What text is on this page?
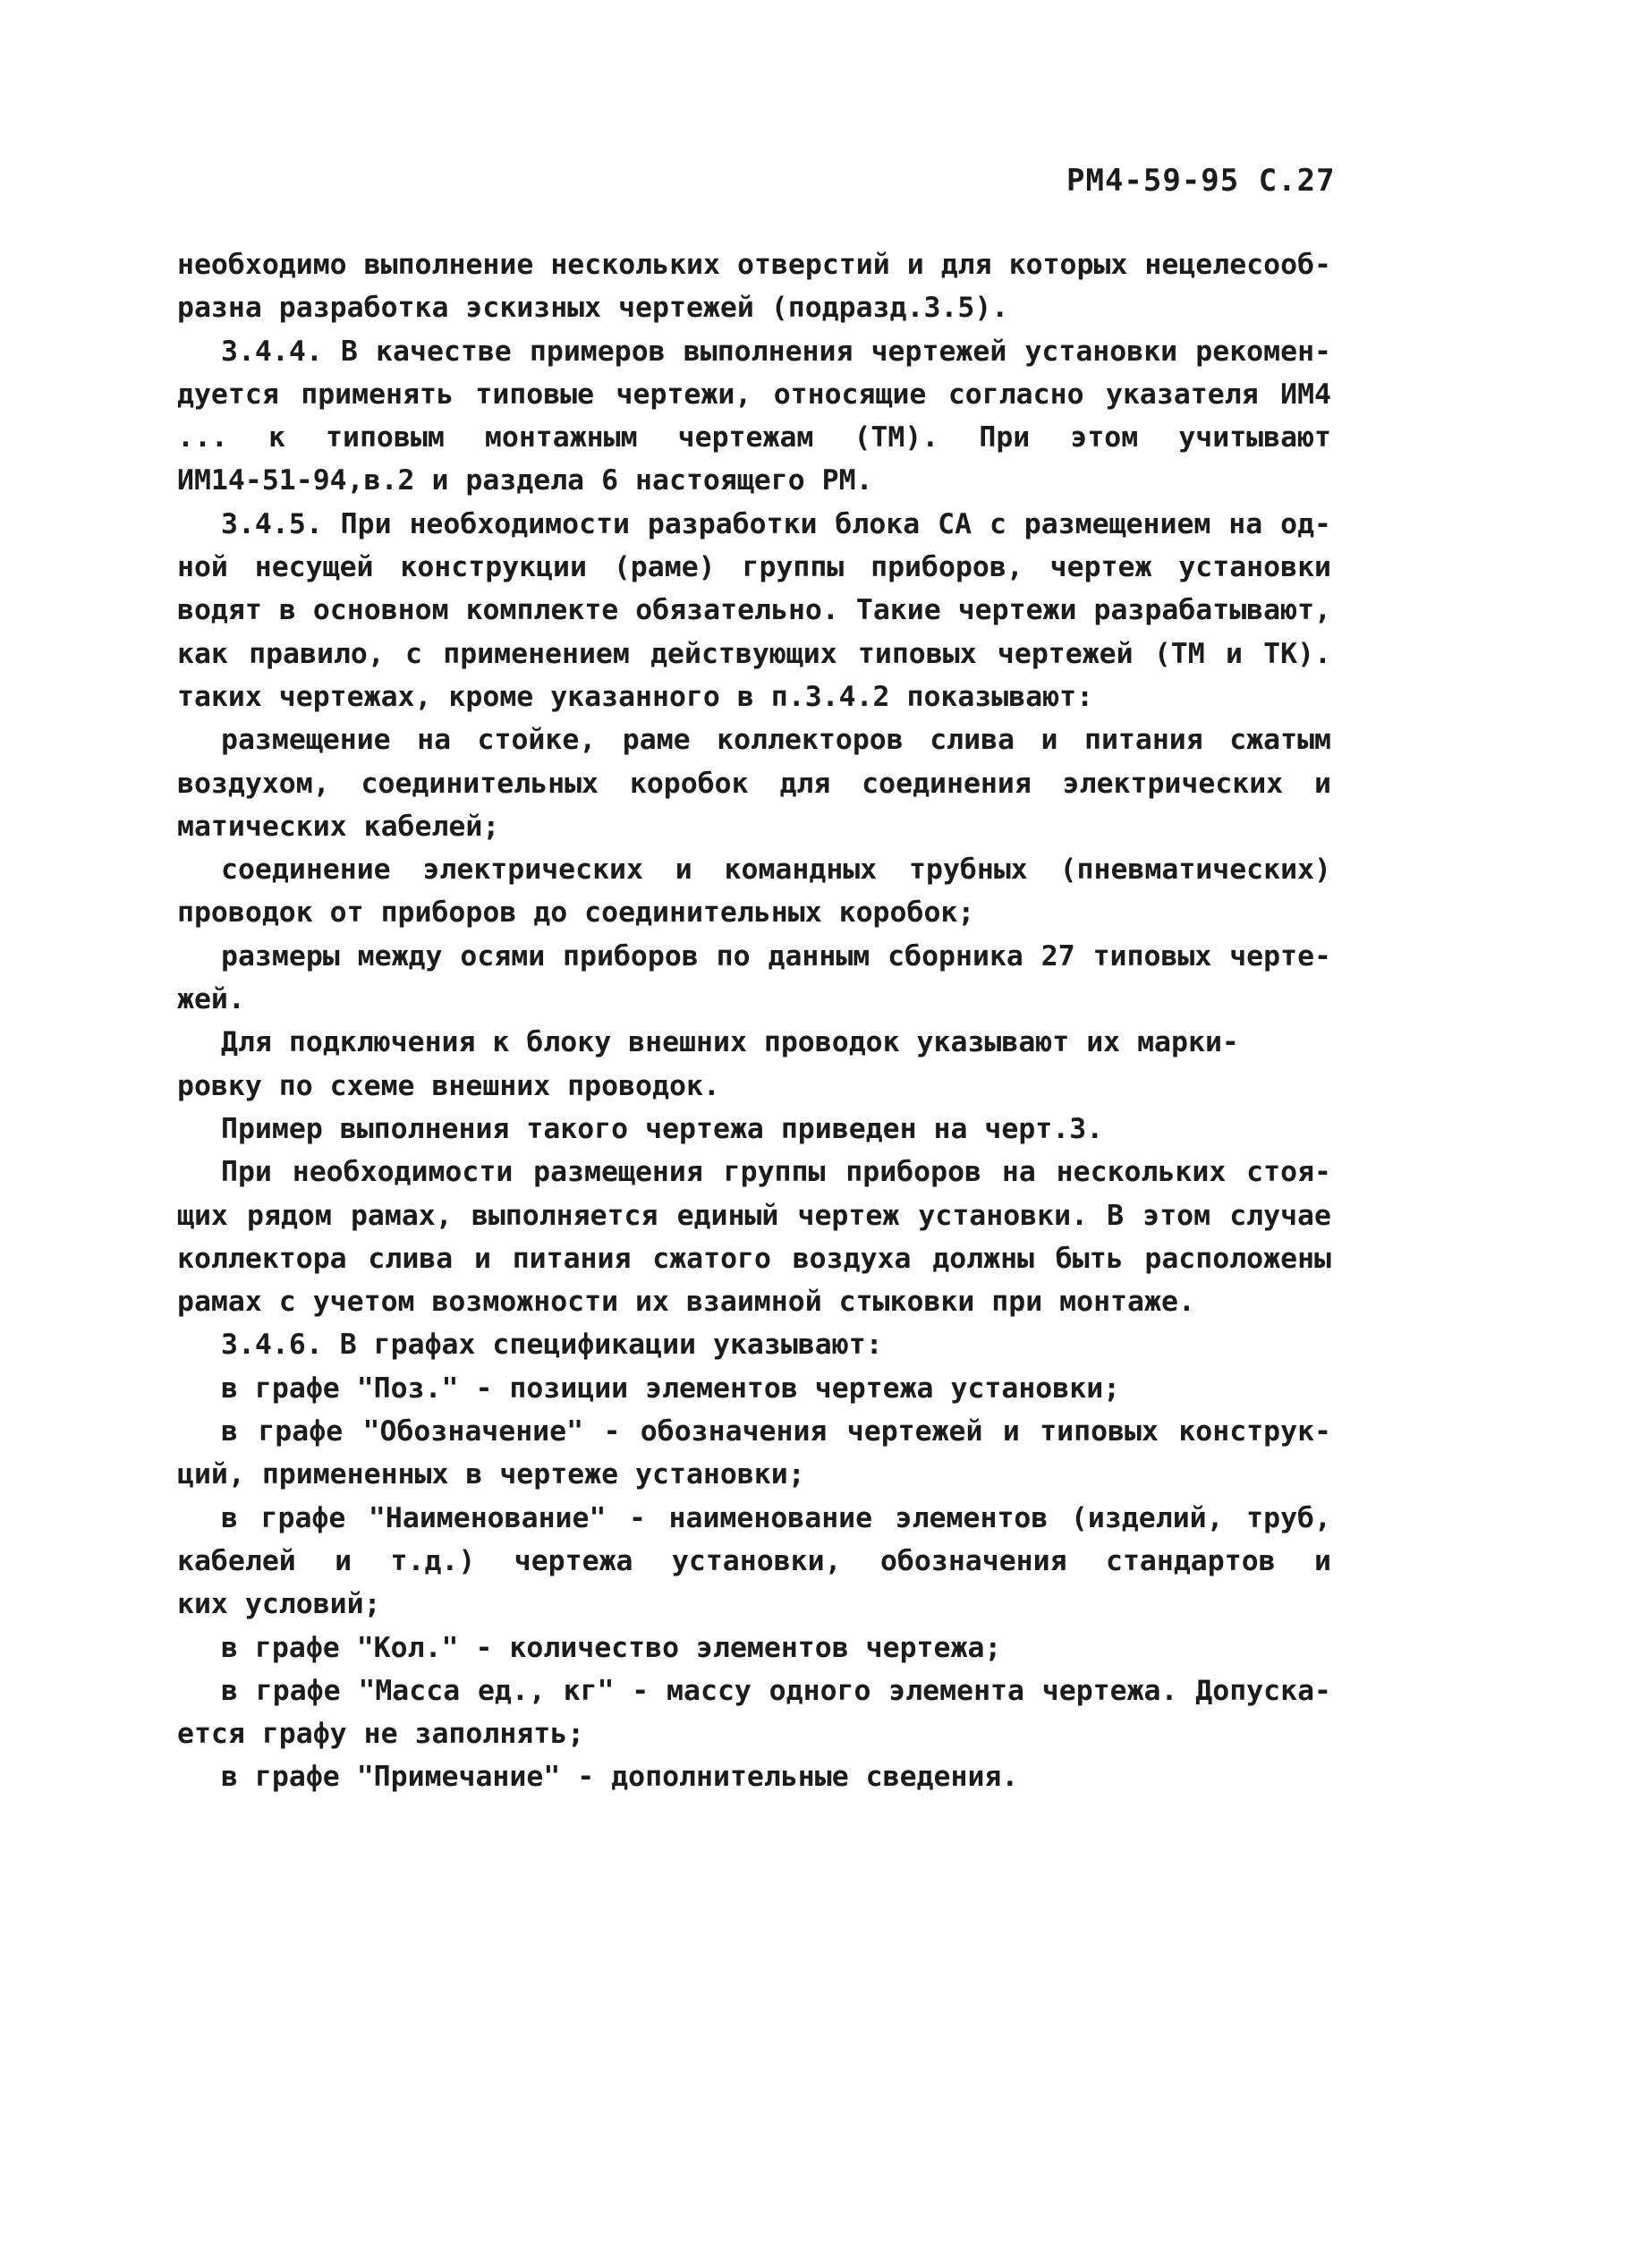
РМ4-59-95 С.27
необходимо выполнение нескольких отверстий и для которых нецелесооб-
разна разработка эскизных чертежей (подразд.3.5).
3.4.4. В качестве примеров выполнения чертежей установки рекомен-
дуется применять типовые чертежи, относящие согласно указателя ИМ4
... к типовым монтажным чертежам (ТМ). При этом учитывают
ИМ14-51-94,в.2 и раздела 6 настоящего РМ.
3.4.5. При необходимости разработки блока СА с размещением на од-
ной несущей конструкции (раме) группы приборов, чертеж установки
водят в основном комплекте обязательно. Такие чертежи разрабатывают,
как правило, с применением действующих типовых чертежей (ТМ и ТК).
таких чертежах, кроме указанного в п.3.4.2 показывают:
размещение на стойке, раме коллекторов слива и питания сжатым
воздухом, соединительных коробок для соединения электрических и
матических кабелей;
соединение электрических и командных трубных (пневматических)
проводок от приборов до соединительных коробок;
размеры между осями приборов по данным сборника 27 типовых черте-
жей.
Для подключения к блоку внешних проводок указывают их марки-
ровку по схеме внешних проводок.
Пример выполнения такого чертежа приведен на черт.3.
При необходимости размещения группы приборов на нескольких стоя-
щих рядом рамах, выполняется единый чертеж установки. В этом случае
коллектора слива и питания сжатого воздуха должны быть расположены
рамах с учетом возможности их взаимной стыковки при монтаже.
3.4.6. В графах спецификации указывают:
в графе "Поз." - позиции элементов чертежа установки;
в графе "Обозначение" - обозначения чертежей и типовых конструк-
ций, примененных в чертеже установки;
в графе "Наименование" - наименование элементов (изделий, труб,
кабелей и т.д.) чертежа установки, обозначения стандартов и
ких условий;
в графе "Кол." - количество элементов чертежа;
в графе "Масса ед., кг" - массу одного элемента чертежа. Допуска-
ется графу не заполнять;
в графе "Примечание" - дополнительные сведения.
